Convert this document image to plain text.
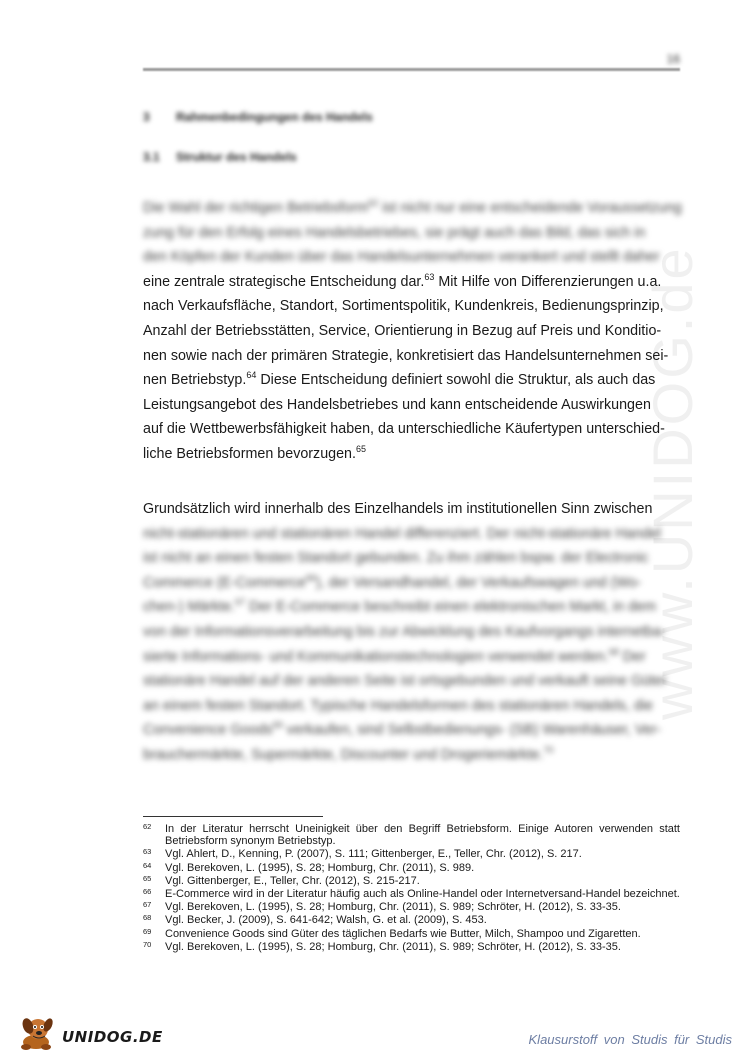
www.UNIDOG.de
16
3 Rahmenbedingungen des Handels
3.1 Struktur des Handels
Die Wahl der richtigen Betriebsform$^{62}$ ist nicht nur eine entscheidende Voraussetzung
zung für den Erfolg eines Handelsbetriebes, sie prägt auch das Bild, das sich in
den Köpfen der Kunden über das Handelsunternehmen verankert und stellt daher
eine zentrale strategische Entscheidung dar.$^{63}$ Mit Hilfe von Differenzierungen u.a.
nach Verkaufsfläche, Standort, Sortimentspolitik, Kundenkreis, Bedienungsprinzip,
Anzahl der Betriebsstätten, Service, Orientierung in Bezug auf Preis und Konditio-
nen sowie nach der primären Strategie, konkretisiert das Handelsunternehmen sei-
nen Betriebstyp.$^{64}$ Diese Entscheidung definiert sowohl die Struktur, als auch das
Leistungsangebot des Handelsbetriebes und kann entscheidende Auswirkungen
auf die Wettbewerbsfähigkeit haben, da unterschiedliche Käufertypen unterschied-
liche Betriebsformen bevorzugen.$^{65}$
Grundsätzlich wird innerhalb des Einzelhandels im institutionellen Sinn zwischen
nicht-stationären und stationären Handel differenziert. Der nicht-stationäre Handel
ist nicht an einen festen Standort gebunden. Zu ihm zählen bspw. der Electronic
Commerce (E-Commerce$^{66}$), der Versandhandel, der Verkaufswagen und (Wo-
chen-) Märkte.$^{67}$ Der E-Commerce beschreibt einen elektronischen Markt, in dem
von der Informationsverarbeitung bis zur Abwicklung des Kaufvorgangs internetba-
sierte Informations- und Kommunikationstechnologien verwendet werden.$^{68}$ Der
stationäre Handel auf der anderen Seite ist ortsgebunden und verkauft seine Güter
an einem festen Standort. Typische Handelsformen des stationären Handels, die
Convenience Goods$^{69}$ verkaufen, sind Selbstbedienungs- (SB) Warenhäuser, Ver-
brauchermärkte, Supermärkte, Discounter und Drogeriemärkte.$^{70}$
62 In der Literatur herrscht Uneinigkeit über den Begriff Betriebsform. Einige Autoren verwenden statt Betriebsform synonym Betriebstyp.
63 Vgl. Ahlert, D., Kenning, P. (2007), S. 111; Gittenberger, E., Teller, Chr. (2012), S. 217.
64 Vgl. Berekoven, L. (1995), S. 28; Homburg, Chr. (2011), S. 989.
65 Vgl. Gittenberger, E., Teller, Chr. (2012), S. 215-217.
66 E-Commerce wird in der Literatur häufig auch als Online-Handel oder Internetversand-Handel bezeichnet.
67 Vgl. Berekoven, L. (1995), S. 28; Homburg, Chr. (2011), S. 989; Schröter, H. (2012), S. 33-35.
68 Vgl. Becker, J. (2009), S. 641-642; Walsh, G. et al. (2009), S. 453.
69 Convenience Goods sind Güter des täglichen Bedarfs wie Butter, Milch, Shampoo und Zigaretten.
70 Vgl. Berekoven, L. (1995), S. 28; Homburg, Chr. (2011), S. 989; Schröter, H. (2012), S. 33-35.
UNIDOG.DE	Klausurstoff von Studis für Studis
